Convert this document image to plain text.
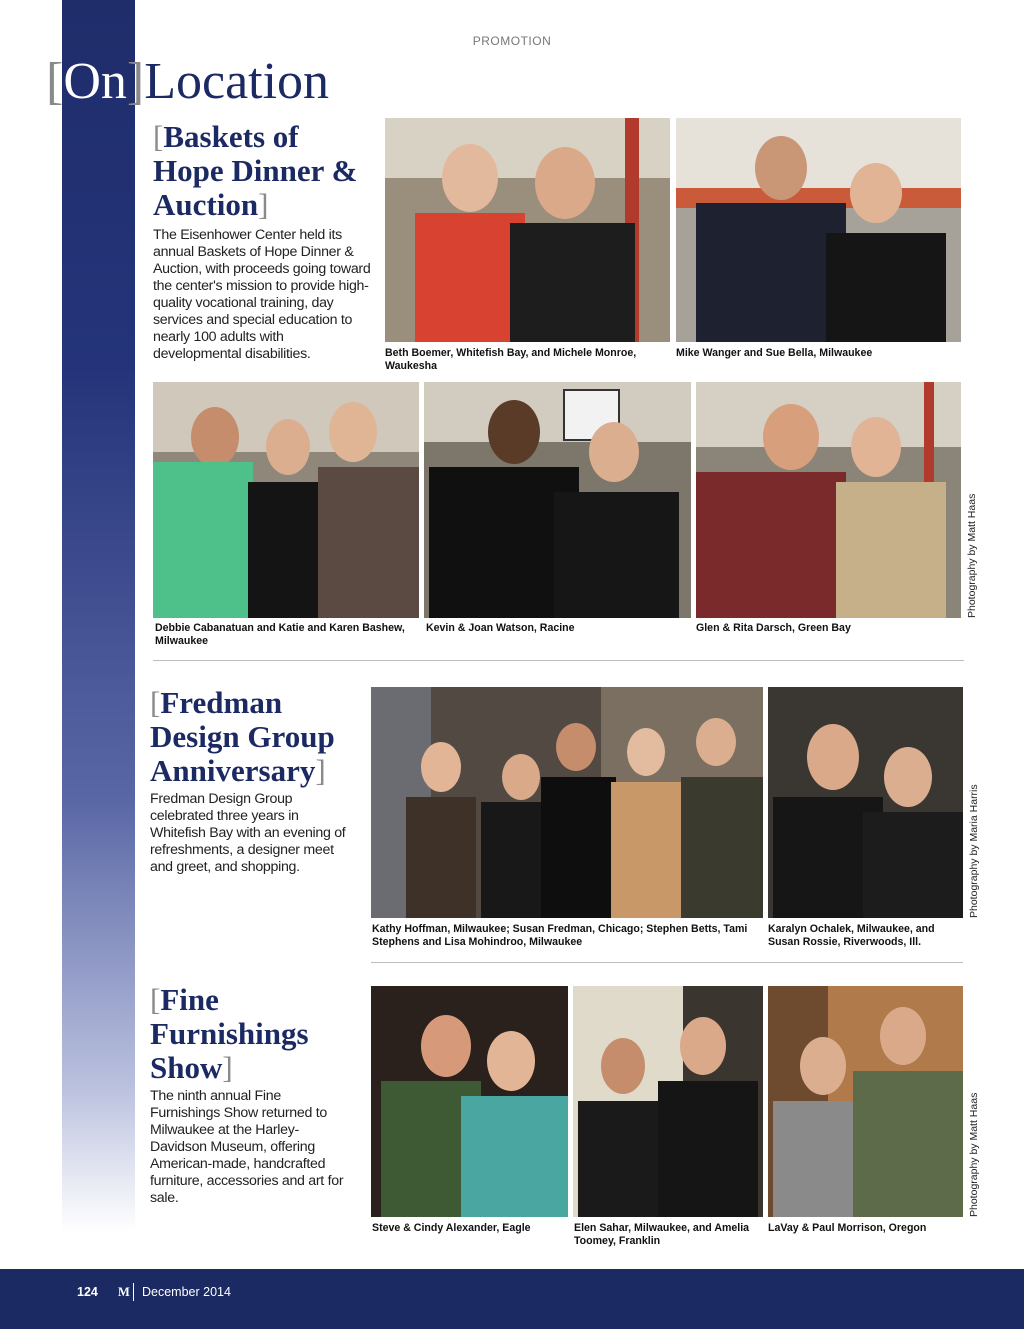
PROMOTION
[On]Location
[Baskets of
Hope Dinner &
Auction]
The Eisenhower Center held its annual Baskets of Hope Dinner & Auction, with proceeds going toward the center's mission to provide high-quality vocational training, day services and special education to nearly 100 adults with developmental disabilities.	Beth Boemer, Whitefish Bay, and Michele Monroe, Waukesha
Mike Wanger and Sue Bella, Milwaukee
Debbie Cabanatuan and Katie and Karen Bashew, Milwaukee
Kevin & Joan Watson, Racine	Glen & Rita Darsch, Green Bay
Photography by Matt Haas
[Fredman
Design Group
Anniversary]
Fredman Design Group celebrated three years in Whitefish Bay with an evening of refreshments, a designer meet and greet, and shopping.
Kathy Hoffman, Milwaukee; Susan Fredman, Chicago; Stephen Betts, Tami Stephens and Lisa Mohindroo, Milwaukee
Karalyn Ochalek, Milwaukee, and Susan Rossie, Riverwoods, Ill.
Photography by Maria Harris
[Fine
Furnishings
Show]
The ninth annual Fine Furnishings Show returned to Milwaukee at the Harley-Davidson Museum, offering American-made, handcrafted furniture, accessories and art for sale.
Steve & Cindy Alexander, Eagle	Elen Sahar, Milwaukee, and Amelia Toomey, Franklin
LaVay & Paul Morrison, Oregon
Photography by Matt Haas
124 M December 2014
